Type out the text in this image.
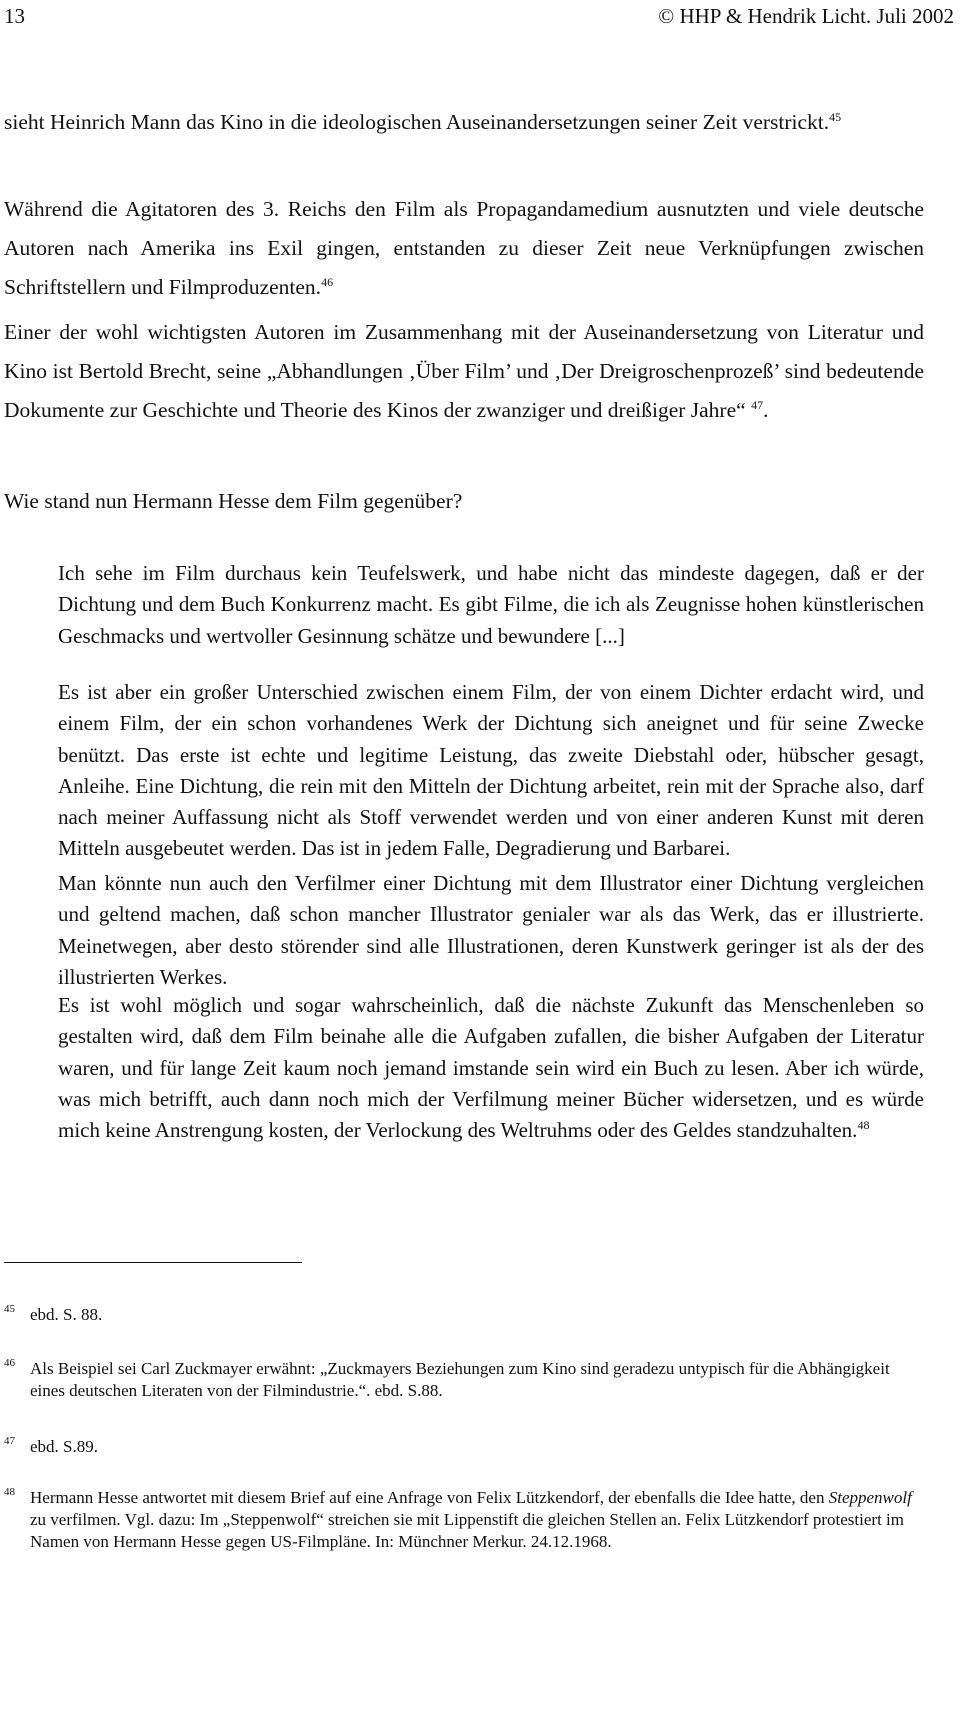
13	© HHP & Hendrik Licht. Juli 2002

sieht Heinrich Mann das Kino in die ideologischen Auseinandersetzungen seiner Zeit verstrickt.$^{45}$

Während die Agitatoren des 3. Reichs den Film als Propagandamedium ausnutzten und viele deutsche Autoren nach Amerika ins Exil gingen, entstanden zu dieser Zeit neue Verknüpfungen zwischen Schriftstellern und Filmproduzenten.$^{46}$

Einer der wohl wichtigsten Autoren im Zusammenhang mit der Auseinandersetzung von Literatur und Kino ist Bertold Brecht, seine „Abhandlungen ‚Über Film’ und ‚Der Dreigroschenprozeß’ sind bedeutende Dokumente zur Geschichte und Theorie des Kinos der zwanziger und dreißiger Jahre“ $^{47}$.

Wie stand nun Hermann Hesse dem Film gegenüber?

Ich sehe im Film durchaus kein Teufelswerk, und habe nicht das mindeste dagegen, daß er der Dichtung und dem Buch Konkurrenz macht. Es gibt Filme, die ich als Zeugnisse hohen künstlerischen Geschmacks und wertvoller Gesinnung schätze und bewundere [...]

Es ist aber ein großer Unterschied zwischen einem Film, der von einem Dichter erdacht wird, und einem Film, der ein schon vorhandenes Werk der Dichtung sich aneignet und für seine Zwecke benützt. Das erste ist echte und legitime Leistung, das zweite Diebstahl oder, hübscher gesagt, Anleihe. Eine Dichtung, die rein mit den Mitteln der Dichtung arbeitet, rein mit der Sprache also, darf nach meiner Auffassung nicht als Stoff verwendet werden und von einer anderen Kunst mit deren Mitteln ausgebeutet werden. Das ist in jedem Falle, Degradierung und Barbarei.

Man könnte nun auch den Verfilmer einer Dichtung mit dem Illustrator einer Dichtung vergleichen und geltend machen, daß schon mancher Illustrator genialer war als das Werk, das er illustrierte. Meinetwegen, aber desto störender sind alle Illustrationen, deren Kunstwerk geringer ist als der des illustrierten Werkes.

Es ist wohl möglich und sogar wahrscheinlich, daß die nächste Zukunft das Menschenleben so gestalten wird, daß dem Film beinahe alle die Aufgaben zufallen, die bisher Aufgaben der Literatur waren, und für lange Zeit kaum noch jemand imstande sein wird ein Buch zu lesen. Aber ich würde, was mich betrifft, auch dann noch mich der Verfilmung meiner Bücher widersetzen, und es würde mich keine Anstrengung kosten, der Verlockung des Weltruhms oder des Geldes standzuhalten.$^{48}$

45 ebd. S. 88.

46 Als Beispiel sei Carl Zuckmayer erwähnt: „Zuckmayers Beziehungen zum Kino sind geradezu untypisch für die Abhängigkeit eines deutschen Literaten von der Filmindustrie.“. ebd. S.88.

47 ebd. S.89.

48 Hermann Hesse antwortet mit diesem Brief auf eine Anfrage von Felix Lützkendorf, der ebenfalls die Idee hatte, den Steppenwolf zu verfilmen. Vgl. dazu: Im „Steppenwolf“ streichen sie mit Lippenstift die gleichen Stellen an. Felix Lützkendorf protestiert im Namen von Hermann Hesse gegen US-Filmpläne. In: Münchner Merkur. 24.12.1968.
